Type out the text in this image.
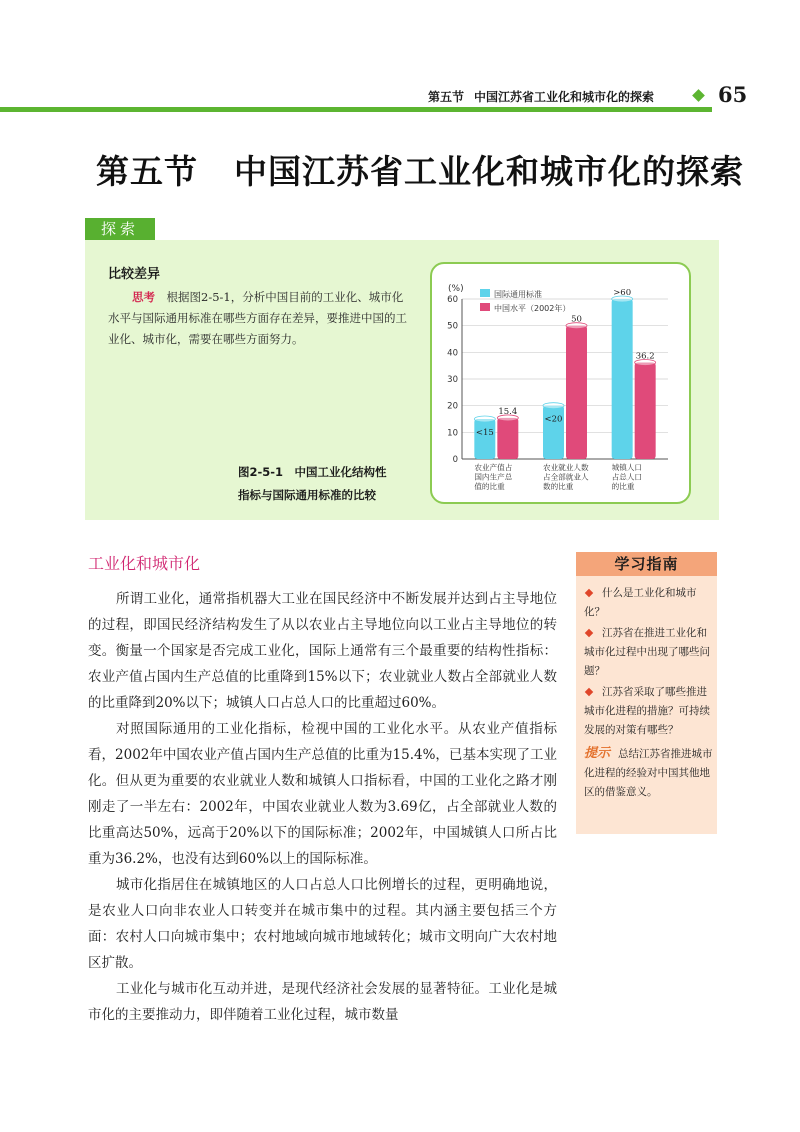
第五节 中国江苏省工业化和城市化的探索	65
第五节 中国江苏省工业化和城市化的探索
探索
比较差异
思考　 根据图2-5-1，分析中国目前的工业化、城市化水平与国际通用标准在哪些方面存在差异，要推进中国的工业化、城市化，需要在哪些方面努力。
图2-5-1　中国工业化结构性
指标与国际通用标准的比较
(%)
0
10
20
30
40
50
60
<15
15.4
农业产值占
国内生产总
值的比重
<20
50
农业就业人数
占全部就业人
数的比重
>60
36.2
城镇人口
占总人口
的比重
国际通用标准
中国水平（2002年）
工业化和城市化

所谓工业化，通常指机器大工业在国民经济中不断发展并达到占主导地位的过程，即国民经济结构发生了从以农业占主导地位向以工业占主导地位的转变。衡量一个国家是否完成工业化，国际上通常有三个最重要的结构性指标：农业产值占国内生产总值的比重降到15%以下；农业就业人数占全部就业人数的比重降到20%以下；城镇人口占总人口的比重超过60%。

对照国际通用的工业化指标，检视中国的工业化水平。从农业产值指标看，2002年中国农业产值占国内生产总值的比重为15.4%，已基本实现了工业化。但从更为重要的农业就业人数和城镇人口指标看，中国的工业化之路才刚刚走了一半左右：2002年，中国农业就业人数为3.69亿，占全部就业人数的比重高达50%，远高于20%以下的国际标准；2002年，中国城镇人口所占比重为36.2%，也没有达到60%以上的国际标准。

城市化指居住在城镇地区的人口占总人口比例增长的过程，更明确地说，是农业人口向非农业人口转变并在城市集中的过程。其内涵主要包括三个方面：农村人口向城市集中；农村地域向城市地域转化；城市文明向广大农村地区扩散。

工业化与城市化互动并进，是现代经济社会发展的显著特征。工业化是城市化的主要推动力，即伴随着工业化过程，城市数量

学习指南
什么是工业化和城市化？
江苏省在推进工业化和城市化过程中出现了哪些问题？
江苏省采取了哪些推进城市化进程的措施？可持续发展的对策有哪些？
提示 总结江苏省推进城市化进程的经验对中国其他地区的借鉴意义。
